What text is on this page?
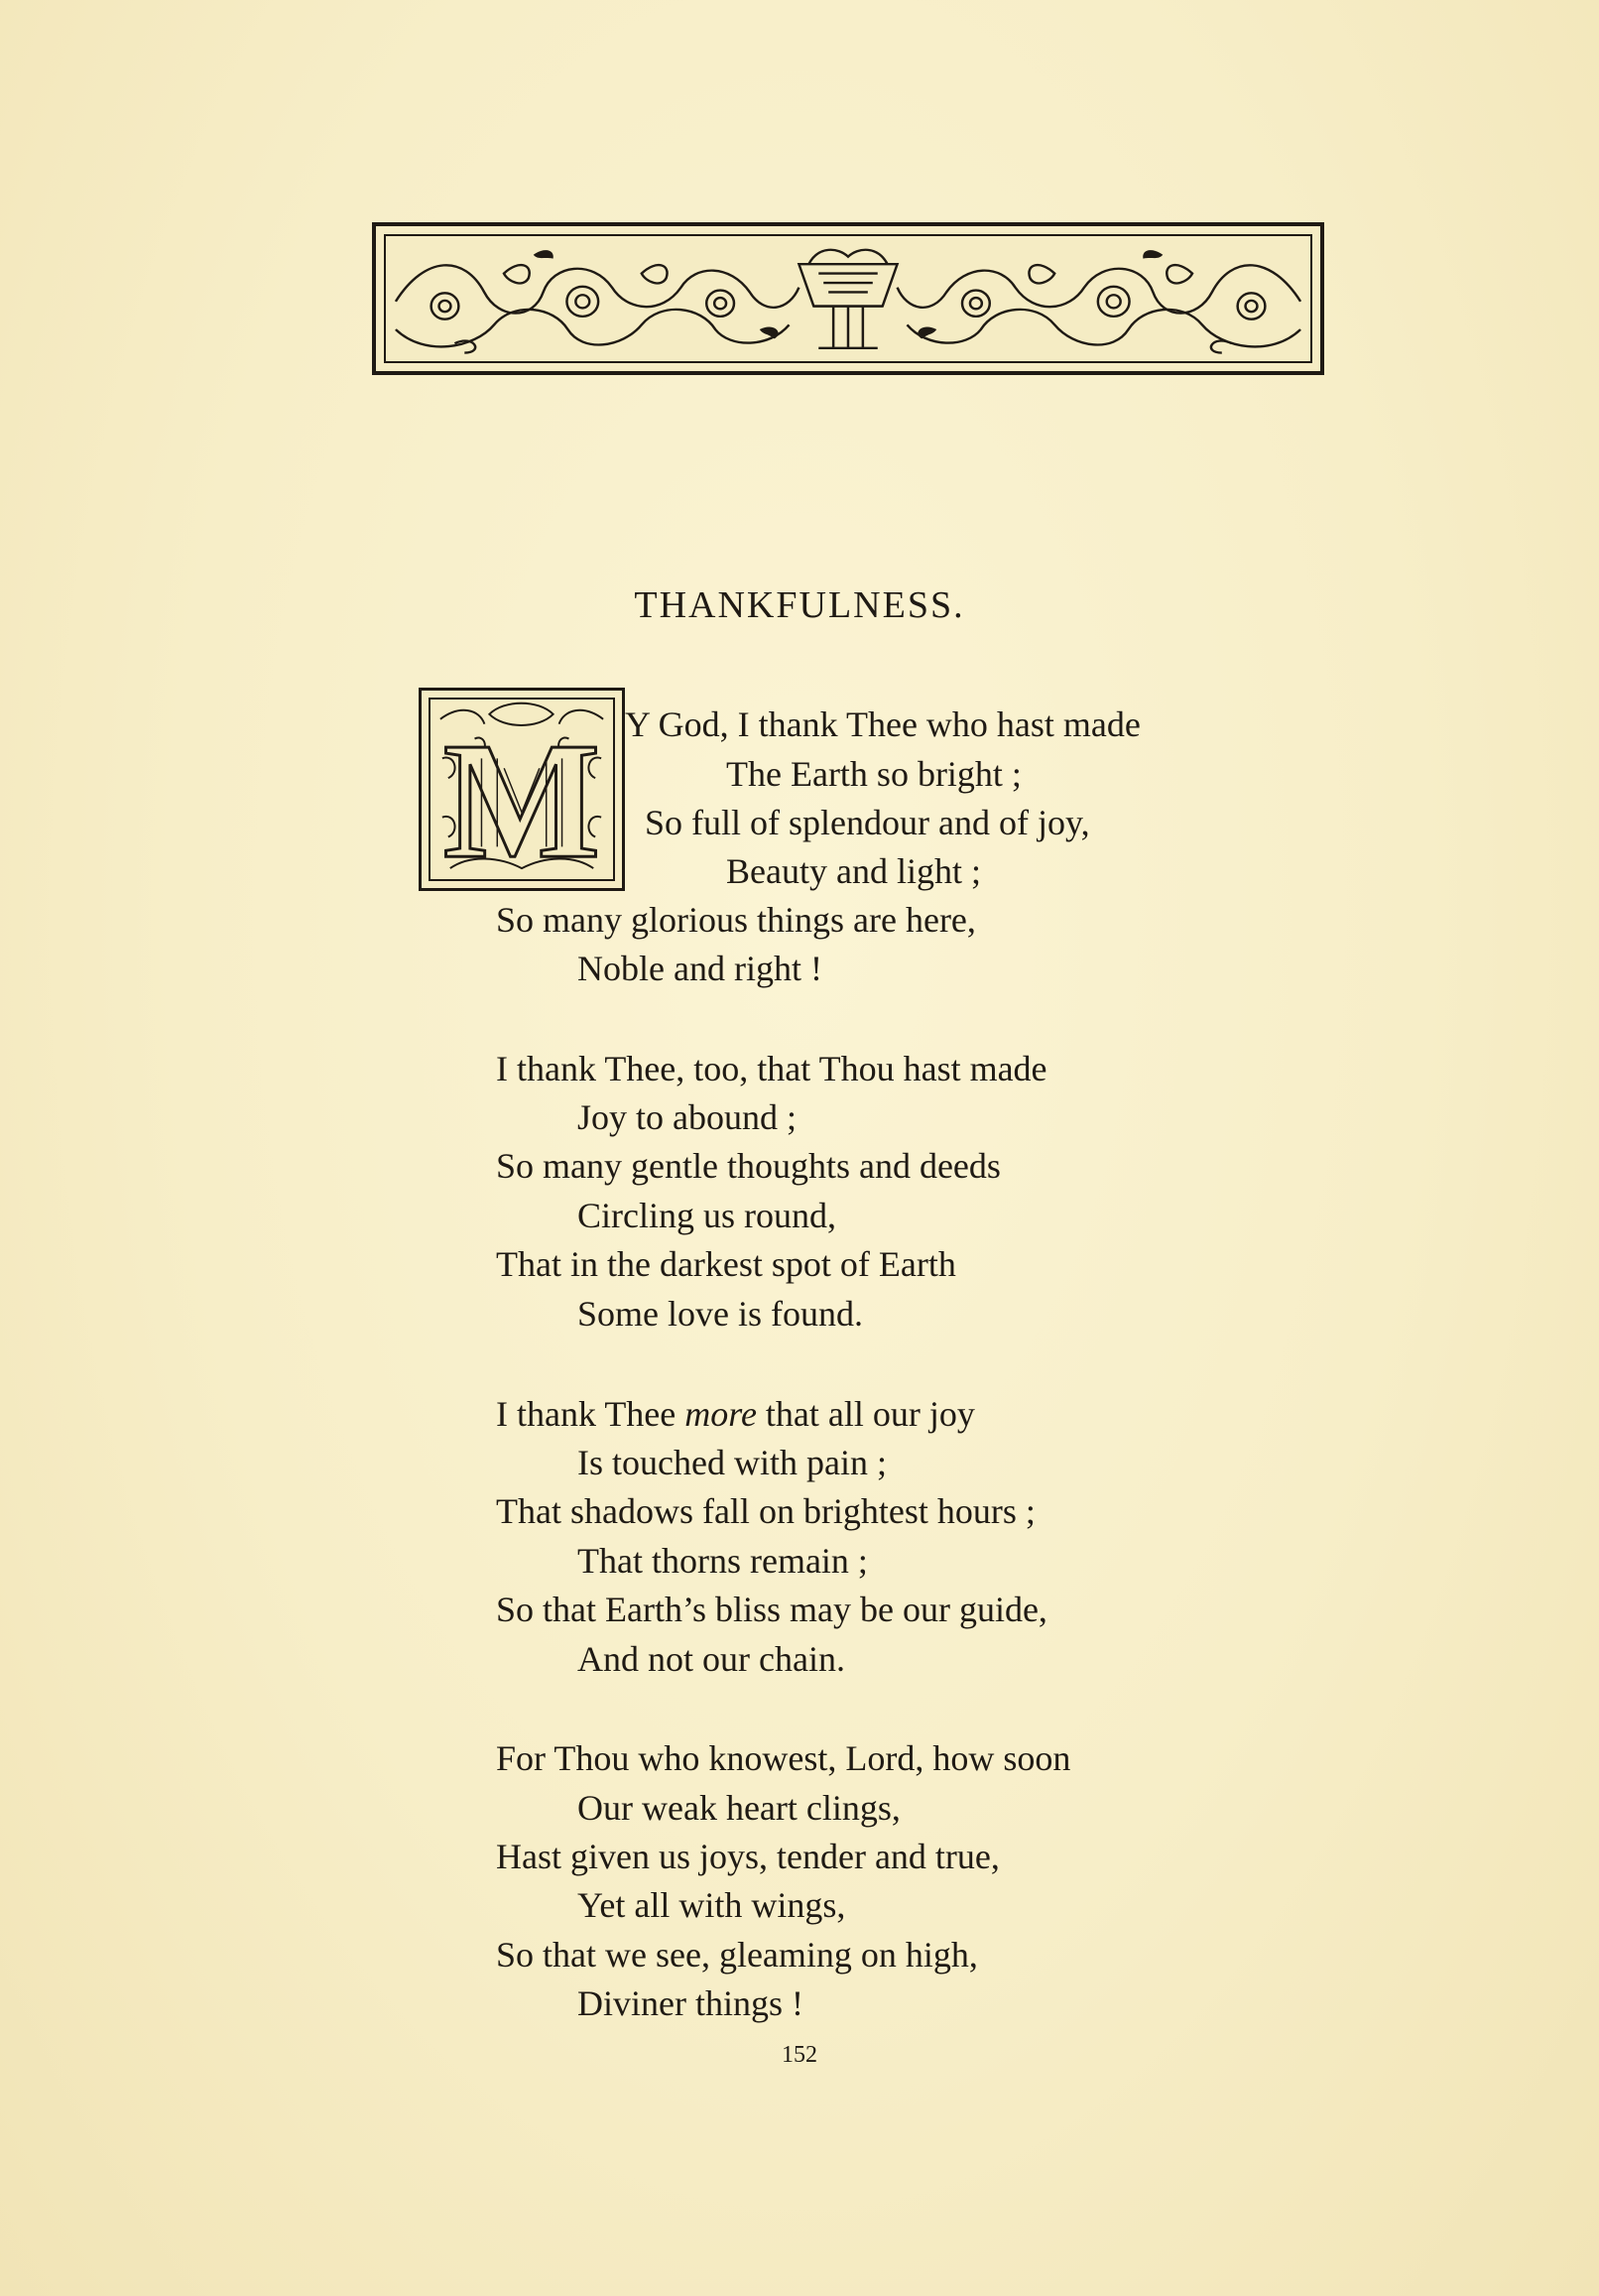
THANKFULNESS.
M Y God, I thank Thee who hast made
The Earth so bright ;
So full of splendour and of joy,
Beauty and light ;
So many glorious things are here,
Noble and right !
I thank Thee, too, that Thou hast made
Joy to abound ;
So many gentle thoughts and deeds
Circling us round,
That in the darkest spot of Earth
Some love is found.
I thank Thee more that all our joy
Is touched with pain ;
That shadows fall on brightest hours ;
That thorns remain ;
So that Earth’s bliss may be our guide,
And not our chain.
For Thou who knowest, Lord, how soon
Our weak heart clings,
Hast given us joys, tender and true,
Yet all with wings,
So that we see, gleaming on high,
Diviner things !
152
